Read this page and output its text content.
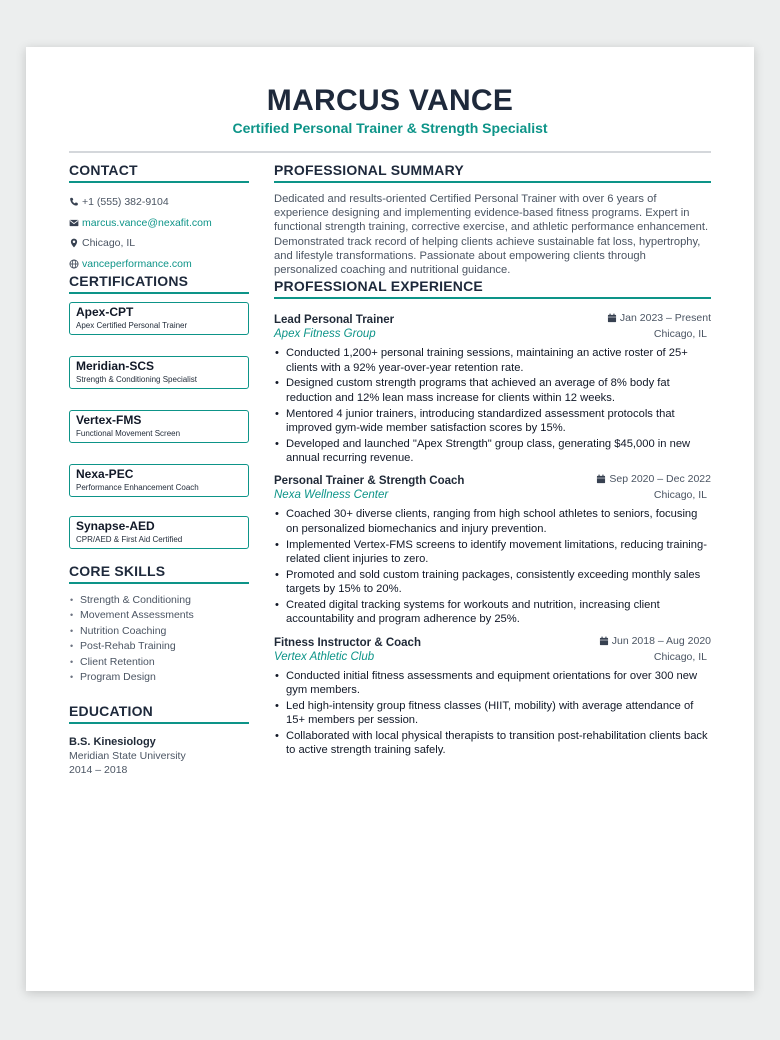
MARCUS VANCE
Certified Personal Trainer & Strength Specialist
CONTACT
+1 (555) 382-9104
marcus.vance@nexafit.com
Chicago, IL
vanceperformance.com
CERTIFICATIONS
Apex-CPT
Apex Certified Personal Trainer
Meridian-SCS
Strength & Conditioning Specialist
Vertex-FMS
Functional Movement Screen
Nexa-PEC
Performance Enhancement Coach
Synapse-AED
CPR/AED & First Aid Certified
CORE SKILLS
• Strength & Conditioning
• Movement Assessments
• Nutrition Coaching
• Post-Rehab Training
• Client Retention
• Program Design
EDUCATION
B.S. Kinesiology
Meridian State University
2014 – 2018
PROFESSIONAL SUMMARY
Dedicated and results-oriented Certified Personal Trainer with over 6 years of experience designing and implementing evidence-based fitness programs. Expert in functional strength training, corrective exercise, and athletic performance enhancement. Demonstrated track record of helping clients achieve sustainable fat loss, hypertrophy, and lifestyle transformations. Passionate about empowering clients through personalized coaching and nutritional guidance.
PROFESSIONAL EXPERIENCE
Lead Personal Trainer	Jan 2023 – Present
Apex Fitness Group	Chicago, IL
• Conducted 1,200+ personal training sessions, maintaining an active roster of 25+ clients with a 92% year-over-year retention rate.
• Designed custom strength programs that achieved an average of 8% body fat reduction and 12% lean mass increase for clients within 12 weeks.
• Mentored 4 junior trainers, introducing standardized assessment protocols that improved gym-wide member satisfaction scores by 15%.
• Developed and launched "Apex Strength" group class, generating $45,000 in new annual recurring revenue.
Personal Trainer & Strength Coach	Sep 2020 – Dec 2022
Nexa Wellness Center	Chicago, IL
• Coached 30+ diverse clients, ranging from high school athletes to seniors, focusing on personalized biomechanics and injury prevention.
• Implemented Vertex-FMS screens to identify movement limitations, reducing training-related client injuries to zero.
• Promoted and sold custom training packages, consistently exceeding monthly sales targets by 15% to 20%.
• Created digital tracking systems for workouts and nutrition, increasing client accountability and program adherence by 25%.
Fitness Instructor & Coach	Jun 2018 – Aug 2020
Vertex Athletic Club	Chicago, IL
• Conducted initial fitness assessments and equipment orientations for over 300 new gym members.
• Led high-intensity group fitness classes (HIIT, mobility) with average attendance of 15+ members per session.
• Collaborated with local physical therapists to transition post-rehabilitation clients back to active strength training safely.
